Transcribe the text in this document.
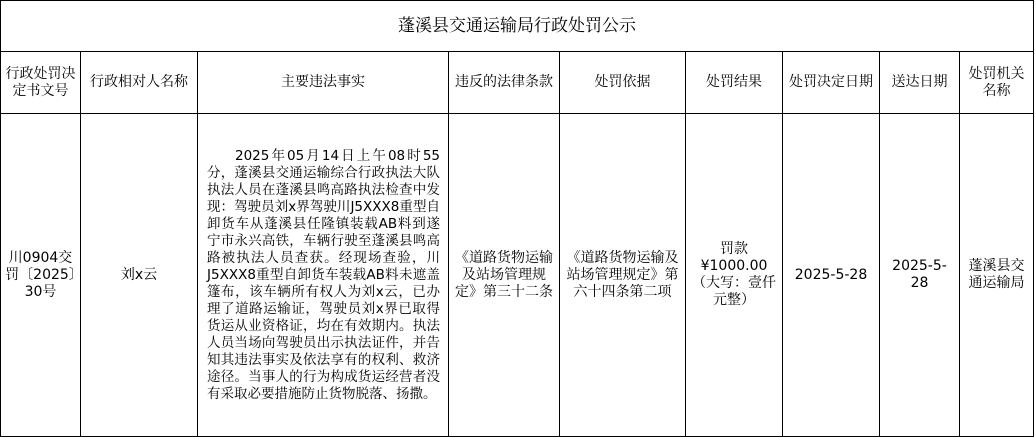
蓬溪县交通运输局行政处罚公示								
行政处罚决定书文号	行政相对人名称	主要违法事实	违反的法律条款	处罚依据	处罚结果	处罚决定日期	送达日期	处罚机关名称
川0904交罚〔2025〕30号	刘x云	2025年05月14日上午08时55分，蓬溪县交通运输综合行政执法大队执法人员在蓬溪县鸣高路执法检查中发现：驾驶员刘x界驾驶川J5XXX8重型自卸货车从蓬溪县任隆镇装载AB料到遂宁市永兴高铁，车辆行驶至蓬溪县鸣高路被执法人员查获。经现场查验，川J5XXX8重型自卸货车装载AB料未遮盖篷布，该车辆所有权人为刘x云，已办理了道路运输证，驾驶员刘x界已取得货运从业资格证，均在有效期内。执法人员当场向驾驶员出示执法证件，并告知其违法事实及依法享有的权利、救济途径。当事人的行为构成货运经营者没有采取必要措施防止货物脱落、扬撒。	《道路货物运输及站场管理规定》第三十二条	《道路货物运输及站场管理规定》第六十四条第二项	罚款¥1000.00（大写：壹仟元整）	2025-5-28	2025-5-28	蓬溪县交通运输局
